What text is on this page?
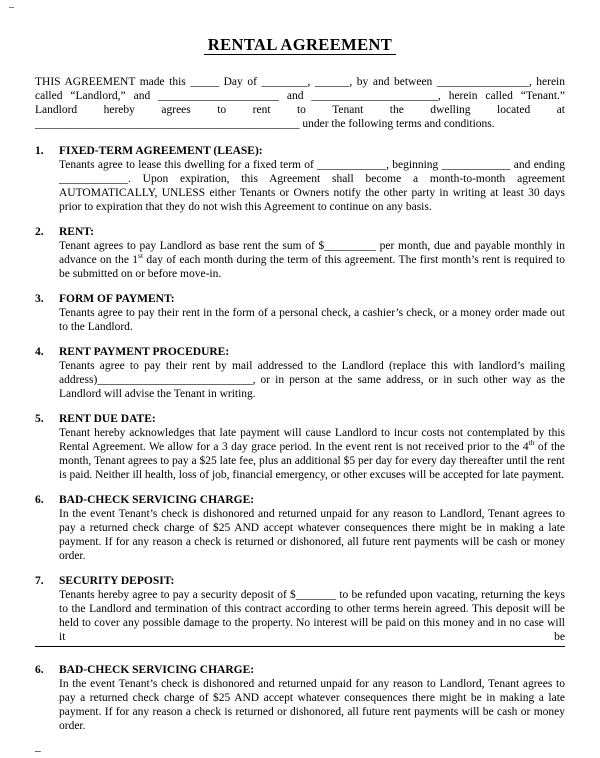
–
RENTAL AGREEMENT

THIS AGREEMENT made this _____ Day of ________, ______, by and between ________________, herein called “Landlord,” and _____________________ and ______________________, herein called “Tenant.” Landlord hereby agrees to rent to Tenant the dwelling located at ______________________________________________ under the following terms and conditions.

1.	FIXED-TERM AGREEMENT (LEASE):
Tenants agree to lease this dwelling for a fixed term of ____________, beginning ____________ and ending ____________. Upon expiration, this Agreement shall become a month-to-month agreement AUTOMATICALLY, UNLESS either Tenants or Owners notify the other party in writing at least 30 days prior to expiration that they do not wish this Agreement to continue on any basis.
2.	RENT:
Tenant agrees to pay Landlord as base rent the sum of $_________ per month, due and payable monthly in advance on the 1st day of each month during the term of this agreement. The first month’s rent is required to be submitted on or before move-in.
3.	FORM OF PAYMENT:
Tenants agree to pay their rent in the form of a personal check, a cashier’s check, or a money order made out to the Landlord.
4.	RENT PAYMENT PROCEDURE:
Tenants agree to pay their rent by mail addressed to the Landlord (replace this with landlord’s mailing address)___________________________, or in person at the same address, or in such other way as the Landlord will advise the Tenant in writing.
5.	RENT DUE DATE:
Tenant hereby acknowledges that late payment will cause Landlord to incur costs not contemplated by this Rental Agreement. We allow for a 3 day grace period. In the event rent is not received prior to the 4th of the month, Tenant agrees to pay a $25 late fee, plus an additional $5 per day for every day thereafter until the rent is paid. Neither ill health, loss of job, financial emergency, or other excuses will be accepted for late payment.
6.	BAD-CHECK SERVICING CHARGE:
In the event Tenant’s check is dishonored and returned unpaid for any reason to Landlord, Tenant agrees to pay a returned check charge of $25 AND accept whatever consequences there might be in making a late payment. If for any reason a check is returned or dishonored, all future rent payments will be cash or money order.
7.	SECURITY DEPOSIT:
Tenants hereby agree to pay a security deposit of $_______ to be refunded upon vacating, returning the keys to the Landlord and termination of this contract according to other terms herein agreed. This deposit will be held to cover any possible damage to the property. No interest will be paid on this money and in no case will it be
6.	BAD-CHECK SERVICING CHARGE:
In the event Tenant’s check is dishonored and returned unpaid for any reason to Landlord, Tenant agrees to pay a returned check charge of $25 AND accept whatever consequences there might be in making a late payment. If for any reason a check is returned or dishonored, all future rent payments will be cash or money order.
–
